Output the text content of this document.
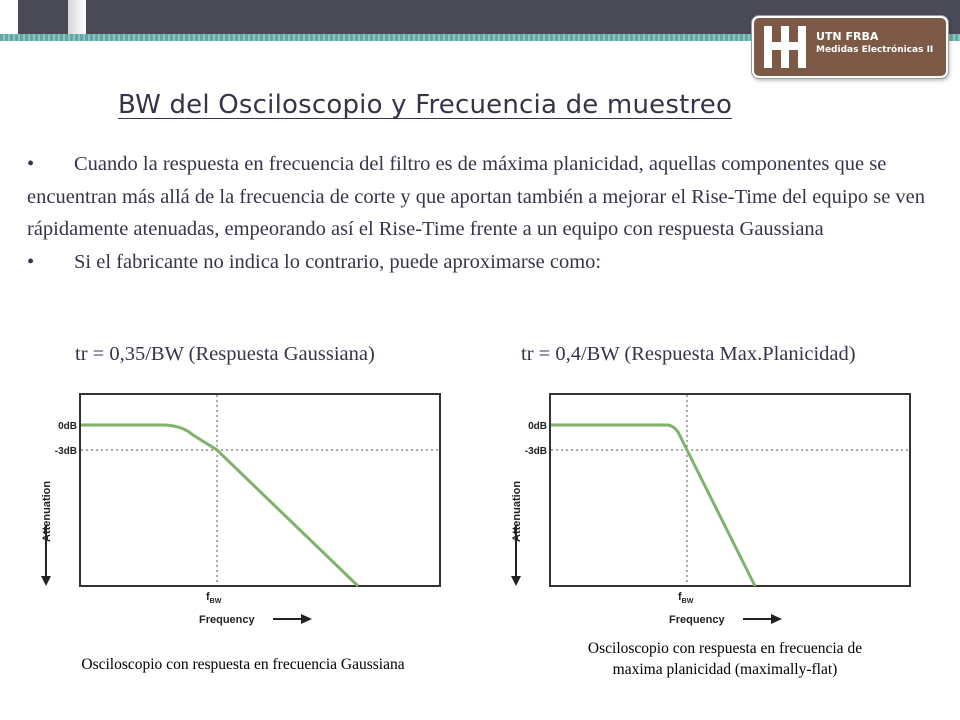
UTN FRBA
Medidas Electrónicas II
BW del Osciloscopio y Frecuencia de muestreo

• Cuando la respuesta en frecuencia del filtro es de máxima planicidad, aquellas componentes que se encuentran más allá de la frecuencia de corte y que aportan también a mejorar el Rise-Time del equipo se ven rápidamente atenuadas, empeorando así el Rise-Time frente a un equipo con respuesta Gaussiana

• Si el fabricante no indica lo contrario, puede aproximarse como:

tr = 0,35/BW (Respuesta Gaussiana)	tr = 0,4/BW (Respuesta Max.Planicidad)
0dB
-3dB
Attenuation
$f_{BW}$
Frequency
0dB
-3dB
Attenuation
$f_{BW}$
Frequency
Osciloscopio con respuesta en frecuencia Gaussiana
Osciloscopio con respuesta en frecuencia de
maxima planicidad (maximally-flat)
